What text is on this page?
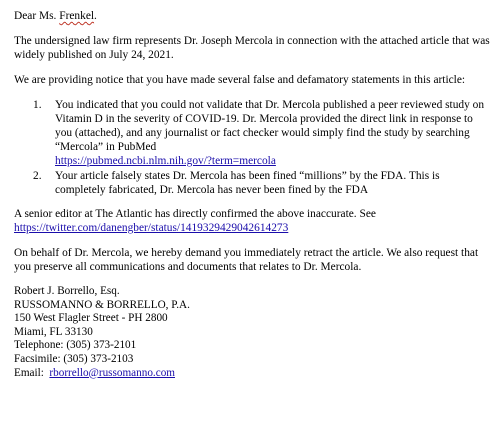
Dear Ms. Frenkel.

The undersigned law firm represents Dr. Joseph Mercola in connection with the attached article that was widely published on July 24, 2021.

We are providing notice that you have made several false and defamatory statements in this article:

1. You indicated that you could not validate that Dr. Mercola published a peer reviewed study on Vitamin D in the severity of COVID-19. Dr. Mercola provided the direct link in response to you (attached), and any journalist or fact checker would simply find the study by searching “Mercola” in PubMed
https://pubmed.ncbi.nlm.nih.gov/?term=mercola
2. Your article falsely states Dr. Mercola has been fined “millions” by the FDA. This is completely fabricated, Dr. Mercola has never been fined by the FDA

A senior editor at The Atlantic has directly confirmed the above inaccurate. See
https://twitter.com/danengber/status/1419329429042614273

On behalf of Dr. Mercola, we hereby demand you immediately retract the article. We also request that you preserve all communications and documents that relates to Dr. Mercola.

Robert J. Borrello, Esq.
RUSSOMANNO & BORRELLO, P.A.
150 West Flagler Street - PH 2800
Miami, FL 33130
Telephone: (305) 373-2101
Facsimile: (305) 373-2103
Email:  rborrello@russomanno.com
